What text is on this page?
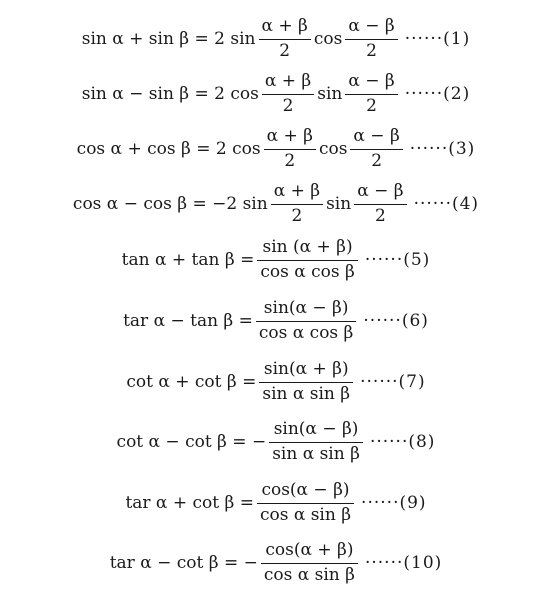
sin α + sin β = 2 $\sin \frac{\alpha + \beta}{2}$ $\cos \frac{\alpha - \beta}{2} \cdot\cdot\cdot\cdot\cdot\cdot(1)$
sin α − sin β = 2 $\cos \frac{\alpha + \beta}{2}$ $\sin \frac{\alpha - \beta}{2} \cdot\cdot\cdot\cdot\cdot\cdot(2)$
cos α + cos β = 2 $\cos \frac{\alpha + \beta}{2}$ $\cos \frac{\alpha - \beta}{2} \cdot\cdot\cdot\cdot\cdot\cdot(3)$
cos α − cos β = −2 $\sin \frac{\alpha + \beta}{2}$ $\sin \frac{\alpha - \beta}{2} \cdot\cdot\cdot\cdot\cdot\cdot(4)$
$\tan \alpha + \tan \beta = \frac{\sin (\alpha + \beta)}{\text{cos α cos β}} \cdot\cdot\cdot\cdot\cdot\cdot(5)$
tar $\alpha - \tan \beta = \frac{\sin(\alpha - \beta)}{\text{cos α cos β}} \cdot\cdot\cdot\cdot\cdot\cdot(6)$
$\cot \alpha + \cot \beta = \frac{\sin(\alpha + \beta)}{\text{sin α sin β}} \cdot\cdot\cdot\cdot\cdot\cdot(7)$
cot α − cot β = − $\frac{\sin(\alpha - \beta)}{\text{sin α sin β}} \cdot\cdot\cdot\cdot\cdot\cdot(8)$
tar $\alpha + \cot \beta = \frac{\cos(\alpha - \beta)}{\text{cos α sin β}} \cdot\cdot\cdot\cdot\cdot\cdot(9)$
tar α − cot β = − $\frac{\cos(\alpha + \beta)}{\text{cos α sin β}} \cdot\cdot\cdot\cdot\cdot\cdot(10)$
